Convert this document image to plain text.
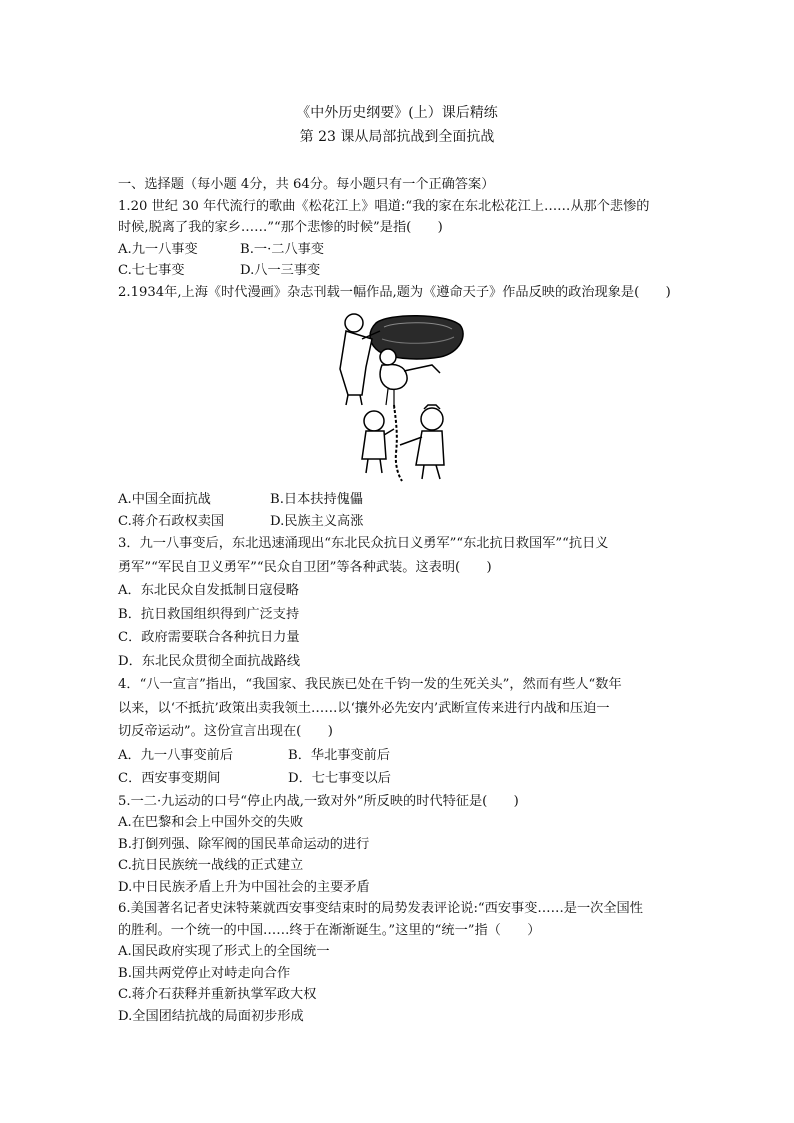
《中外历史纲要》(上）课后精练
第 23 课从局部抗战到全面抗战
一、选择题（每小题 4分，共 64分。每小题只有一个正确答案）
1.20 世纪 30 年代流行的歌曲《松花江上》唱道:“我的家在东北松花江上……从那个悲惨的
时候,脱离了我的家乡……”“那个悲惨的时候”是指(　　)
A.九一八事变	B.一·二八事变
C.七七事变	D.八一三事变
2.1934年,上海《时代漫画》杂志刊载一幅作品,题为《遵命天子》作品反映的政治现象是(　　)
A.中国全面抗战	B.日本扶持傀儡
C.蒋介石政权卖国	D.民族主义高涨
3．九一八事变后，东北迅速涌现出“东北民众抗日义勇军”“东北抗日救国军”“抗日义
勇军”“军民自卫义勇军”“民众自卫团”等各种武装。这表明(　　)
A．东北民众自发抵制日寇侵略
B．抗日救国组织得到广泛支持
C．政府需要联合各种抗日力量
D．东北民众贯彻全面抗战路线
4．“八一宣言”指出，“我国家、我民族已处在千钧一发的生死关头”，然而有些人“数年
以来，以‘不抵抗’政策出卖我领土……以‘攘外必先安内’武断宣传来进行内战和压迫一
切反帝运动”。这份宣言出现在(　　)
A．九一八事变前后	B．华北事变前后
C．西安事变期间	D．七七事变以后
5.一二·九运动的口号“停止内战,一致对外”所反映的时代特征是(　　)
A.在巴黎和会上中国外交的失败
B.打倒列强、除军阀的国民革命运动的进行
C.抗日民族统一战线的正式建立
D.中日民族矛盾上升为中国社会的主要矛盾
6.美国著名记者史沫特莱就西安事变结束时的局势发表评论说:“西安事变……是一次全国性
的胜利。一个统一的中国……终于在渐渐诞生。”这里的“统一”指（　　）
A.国民政府实现了形式上的全国统一
B.国共两党停止对峙走向合作
C.蒋介石获释并重新执掌军政大权
D.全国团结抗战的局面初步形成
